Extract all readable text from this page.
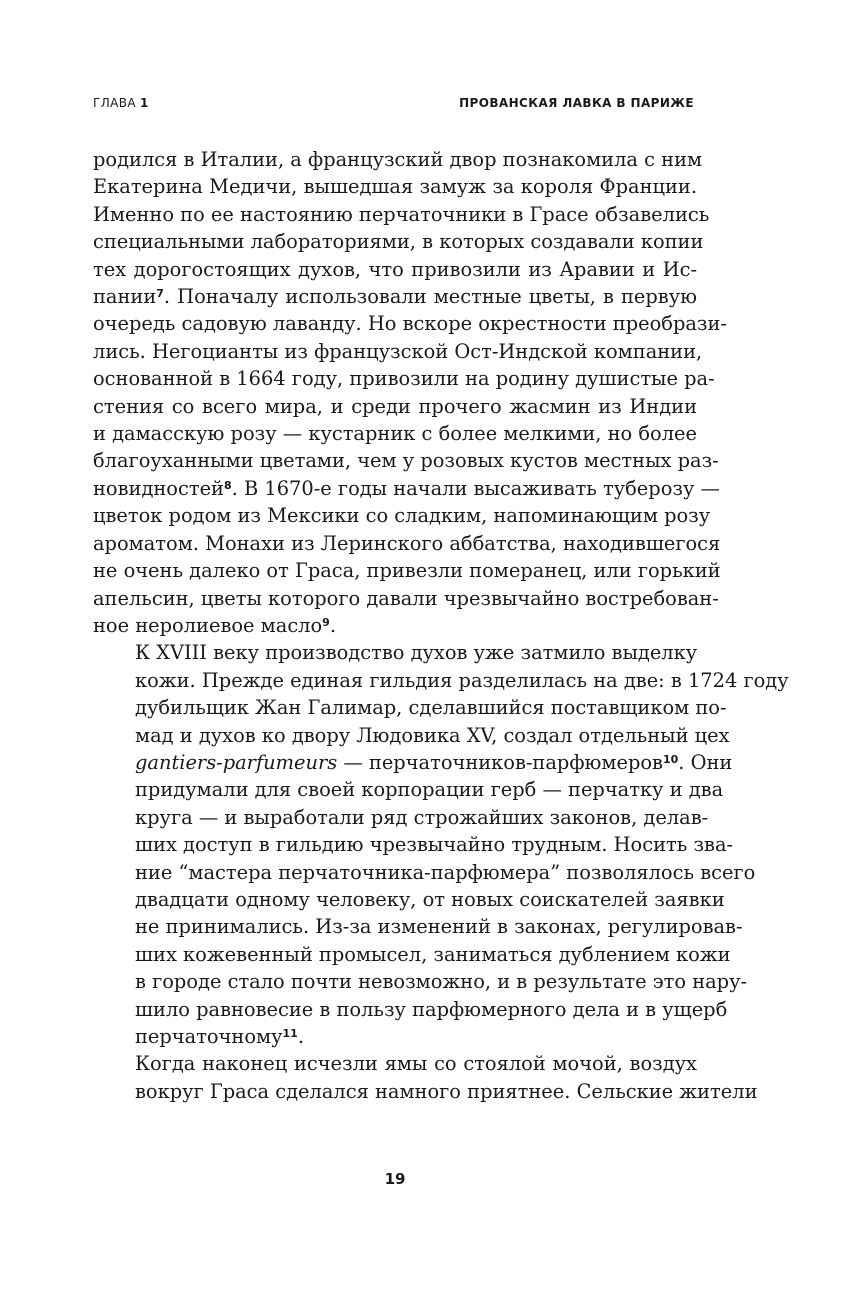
ГЛАВА 1	ПРОВАНСКАЯ ЛАВКА В ПАРИЖЕ

родился в Италии, а французский двор познакомила с ним
Екатерина Медичи, вышедшая замуж за короля Франции.
Именно по ее настоянию перчаточники в Грасе обзавелись
специальными лабораториями, в которых создавали копии
тех дорогостоящих духов, что привозили из Аравии и Ис-
пании$^7$. Поначалу использовали местные цветы, в первую
очередь садовую лаванду. Но вскоре окрестности преобрази-
лись. Негоцианты из французской Ост-Индской компании,
основанной в 1664 году, привозили на родину душистые ра-
стения со всего мира, и среди прочего жасмин из Индии
и дамасскую розу — кустарник с более мелкими, но более
благоуханными цветами, чем у розовых кустов местных раз-
новидностей$^8$. В 1670-е годы начали высаживать туберозу —
цветок родом из Мексики со сладким, напоминающим розу
ароматом. Монахи из Леринского аббатства, находившегося
не очень далеко от Граса, привезли померанец, или горький
апельсин, цветы которого давали чрезвычайно востребован-
ное неролиевое масло$^9$.

К XVIII веку производство духов уже затмило выделку
кожи. Прежде единая гильдия разделилась на две: в 1724 году
дубильщик Жан Галимар, сделавшийся поставщиком по-
мад и духов ко двору Людовика XV, создал отдельный цех
gantiers-parfumeurs — перчаточников-парфюмеров$^{10}$. Они
придумали для своей корпорации герб — перчатку и два
круга — и выработали ряд строжайших законов, делав-
ших доступ в гильдию чрезвычайно трудным. Носить зва-
ние “мастера перчаточника-парфюмера” позволялось всего
двадцати одному человеку, от новых соискателей заявки
не принимались. Из-за изменений в законах, регулировав-
ших кожевенный промысел, заниматься дублением кожи
в городе стало почти невозможно, и в результате это нару-
шило равновесие в пользу парфюмерного дела и в ущерб
перчаточному$^{11}$.

Когда наконец исчезли ямы со стоялой мочой, воздух
вокруг Граса сделался намного приятнее. Сельские жители

19
